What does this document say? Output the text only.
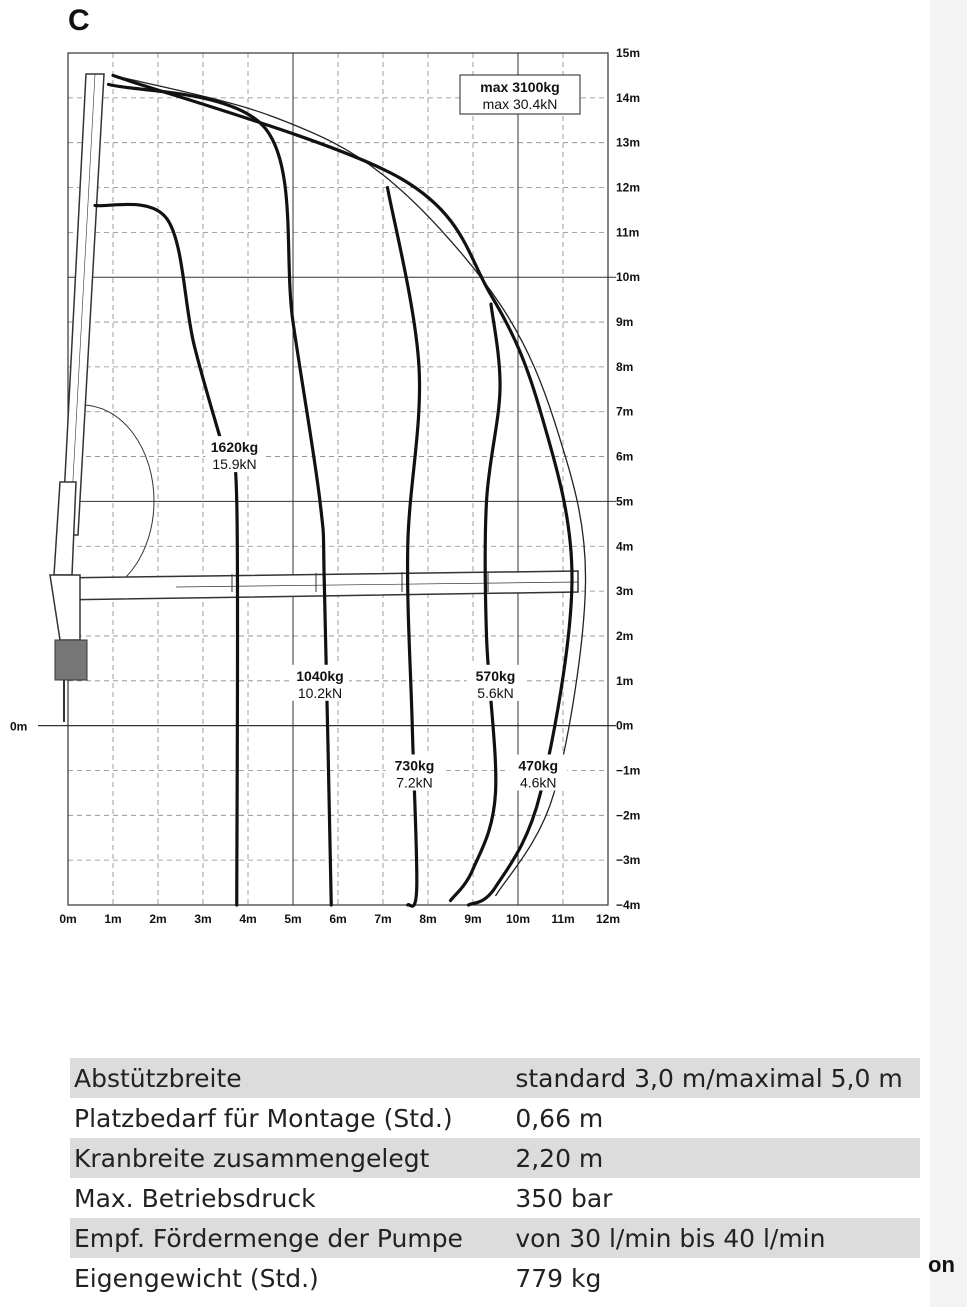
on
C
1620kg
15.9kN
1040kg
10.2kN
730kg
7.2kN
570kg
5.6kN
470kg
4.6kN
0m 1m 2m 3m 4m 5m 6m 7m 8m 9m 10m 11m 12m
−4m
−3m
−2m
−1m
0m
1m
2m
3m
4m
5m
6m
7m
8m
9m
10m
11m
12m
13m
14m
15m
0m
max 3100kg
max 30.4kN
Abstützbreite	standard 3,0 m/maximal 5,0 m
Platzbedarf für Montage (Std.)	0,66 m
Kranbreite zusammengelegt	2,20 m
Max. Betriebsdruck	350 bar
Empf. Fördermenge der Pumpe	von 30 l/min bis 40 l/min
Eigengewicht (Std.)	779 kg
